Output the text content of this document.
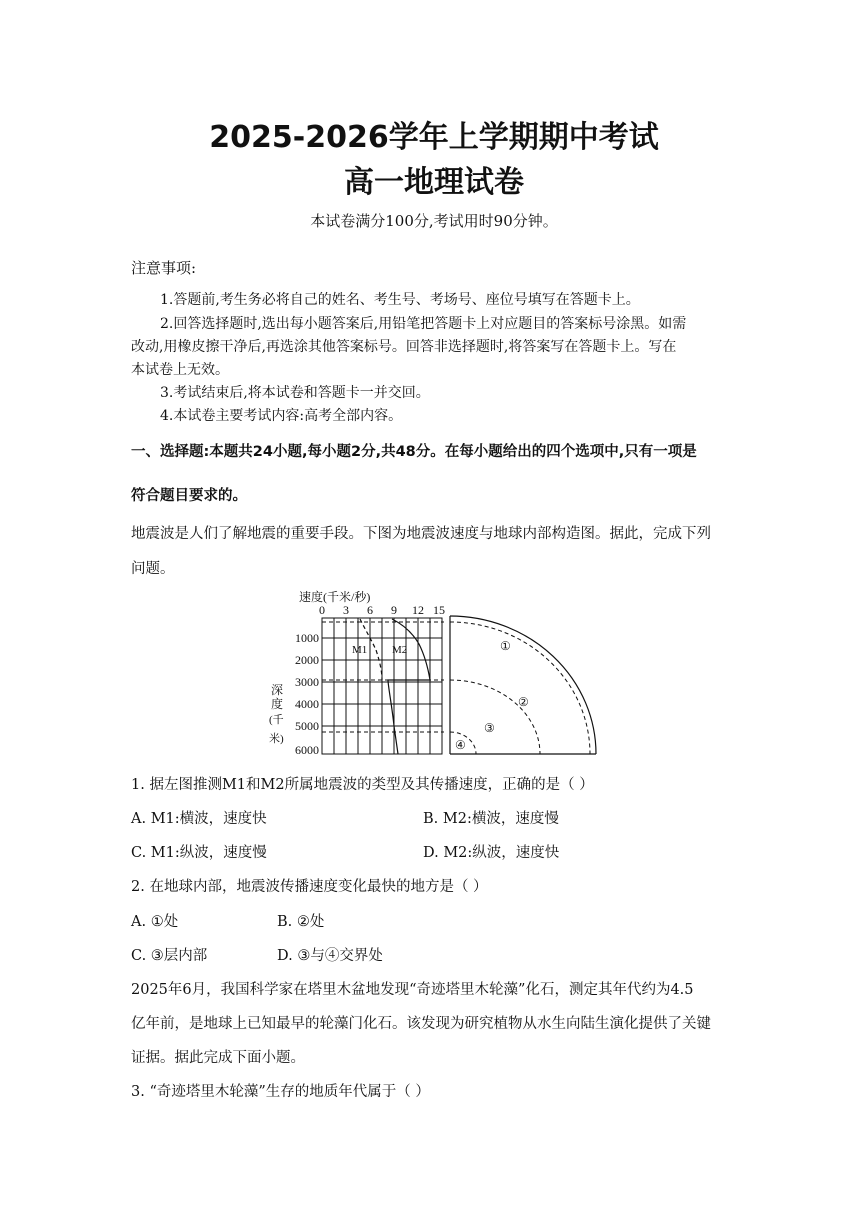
2025-2026学年上学期期中考试
高一地理试卷
本试卷满分100分,考试用时90分钟。
注意事项:
1.答题前,考生务必将自己的姓名、考生号、考场号、座位号填写在答题卡上。
2.回答选择题时,选出每小题答案后,用铅笔把答题卡上对应题目的答案标号涂黑。如需
改动,用橡皮擦干净后,再选涂其他答案标号。回答非选择题时,将答案写在答题卡上。写在
本试卷上无效。
3.考试结束后,将本试卷和答题卡一并交回。
4.本试卷主要考试内容:高考全部内容。
一、选择题:本题共24小题,每小题2分,共48分。在每小题给出的四个选项中,只有一项是
符合题目要求的。
地震波是人们了解地震的重要手段。下图为地震波速度与地球内部构造图。据此，完成下列
问题。
速度(千米/秒)
0 3 6 9 12 15
1000
2000
3000
4000
5000
6000
深
度
(千
米)
M1 M2	①
②
③
④
1. 据左图推测M1和M2所属地震波的类型及其传播速度，正确的是（ ）
A. M1:横波，速度快	B. M2:横波，速度慢
C. M1:纵波，速度慢	D. M2:纵波，速度快
2. 在地球内部，地震波传播速度变化最快的地方是（ ）
A. ①处	B. ②处
C. ③层内部	D. ③与④交界处
2025年6月，我国科学家在塔里木盆地发现“奇迹塔里木轮藻”化石，测定其年代约为4.5
亿年前，是地球上已知最早的轮藻门化石。该发现为研究植物从水生向陆生演化提供了关键
证据。据此完成下面小题。
3. “奇迹塔里木轮藻”生存的地质年代属于（ ）
